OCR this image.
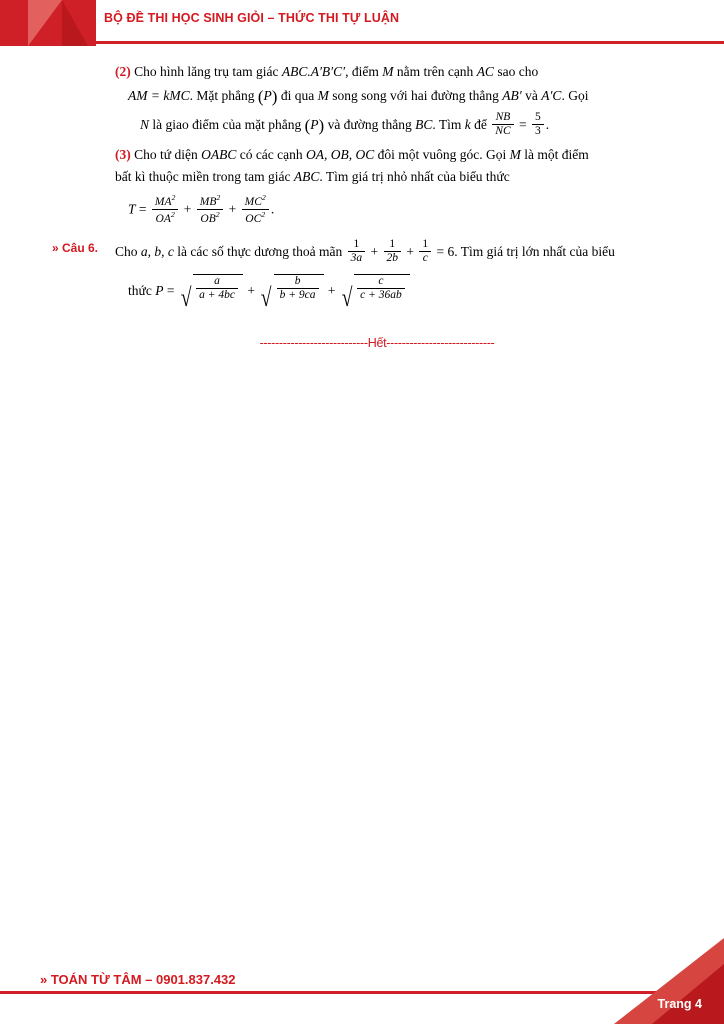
BỘ ĐỀ THI HỌC SINH GIỎI – THỨC THI TỰ LUẬN
(2) Cho hình lăng trụ tam giác ABC.A′B′C′, điểm M nằm trên cạnh AC sao cho
AM = kMC. Mặt phẳng (P) đi qua M song song với hai đường thẳng AB′ và A′C. Gọi
N là giao điểm của mặt phẳng (P) và đường thẳng BC. Tìm k để $\frac{NB}{NC} = \frac{5}{3}$ .
(3) Cho tứ diện OABC có các cạnh OA, OB, OC đôi một vuông góc. Gọi M là một điểm
bất kì thuộc miền trong tam giác ABC. Tìm giá trị nhỏ nhất của biểu thức
$T = \frac{MA^2}{OA^2} + \frac{MB^2}{OB^2} + \frac{MC^2}{OC^2}$ .
» Câu 6. Cho a, b, c là các số thực dương thoả mãn $\frac{1}{3a} + \frac{1}{2b} + \frac{1}{c} = 6$. Tìm giá trị lớn nhất của biểu
thức P = √ $\frac{a}{a + 4bc}$ + √ $\frac{b}{b + 9ca}$ + √ $\frac{c}{c + 36ab}$
----------------------------Hết----------------------------
» TOÁN TỪ TÂM – 0901.837.432
Trang 4
